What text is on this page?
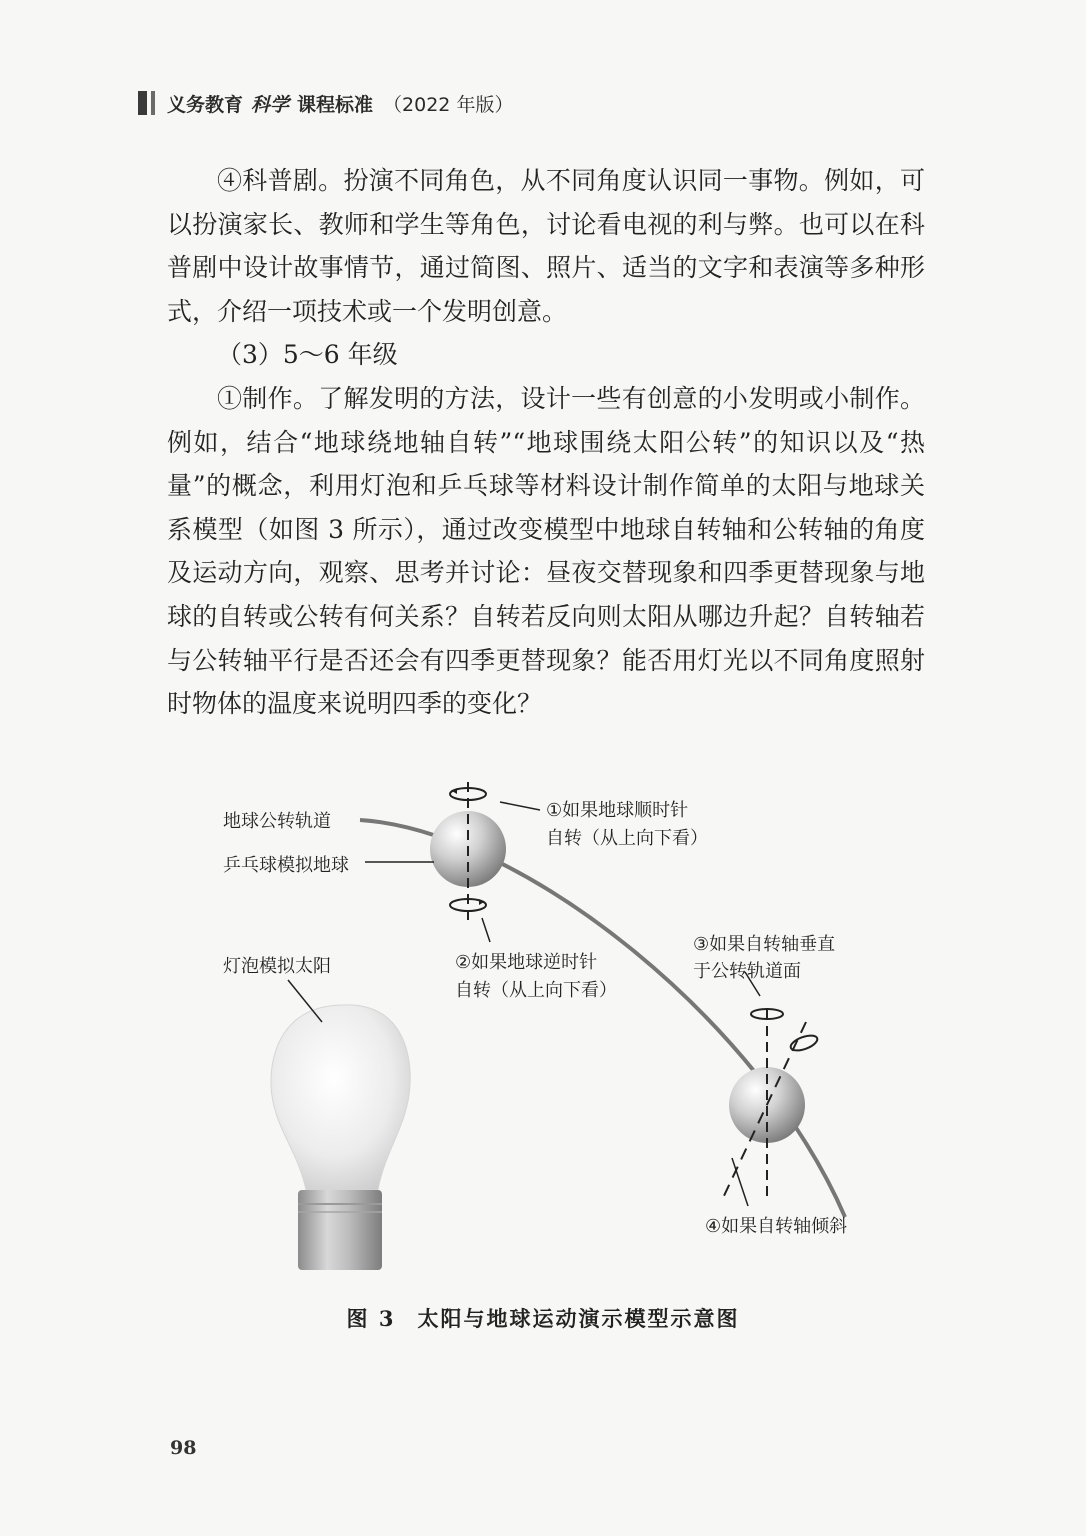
义务教育 科学 课程标准 （2022 年版）

④科普剧。扮演不同角色，从不同角度认识同一事物。例如，可以扮演家长、教师和学生等角色，讨论看电视的利与弊。也可以在科普剧中设计故事情节，通过简图、照片、适当的文字和表演等多种形式，介绍一项技术或一个发明创意。

（3）5～6 年级

①制作。了解发明的方法，设计一些有创意的小发明或小制作。例如，结合“地球绕地轴自转”“地球围绕太阳公转”的知识以及“热量”的概念，利用灯泡和乒乓球等材料设计制作简单的太阳与地球关系模型（如图 3 所示），通过改变模型中地球自转轴和公转轴的角度及运动方向，观察、思考并讨论：昼夜交替现象和四季更替现象与地球的自转或公转有何关系？自转若反向则太阳从哪边升起？自转轴若与公转轴平行是否还会有四季更替现象？能否用灯光以不同角度照射时物体的温度来说明四季的变化？

地球公转轨道
乒乓球模拟地球
灯泡模拟太阳
①如果地球顺时针
自转（从上向下看）
②如果地球逆时针
自转（从上向下看）
③如果自转轴垂直
于公转轨道面
④如果自转轴倾斜
图 3 太阳与地球运动演示模型示意图
98
